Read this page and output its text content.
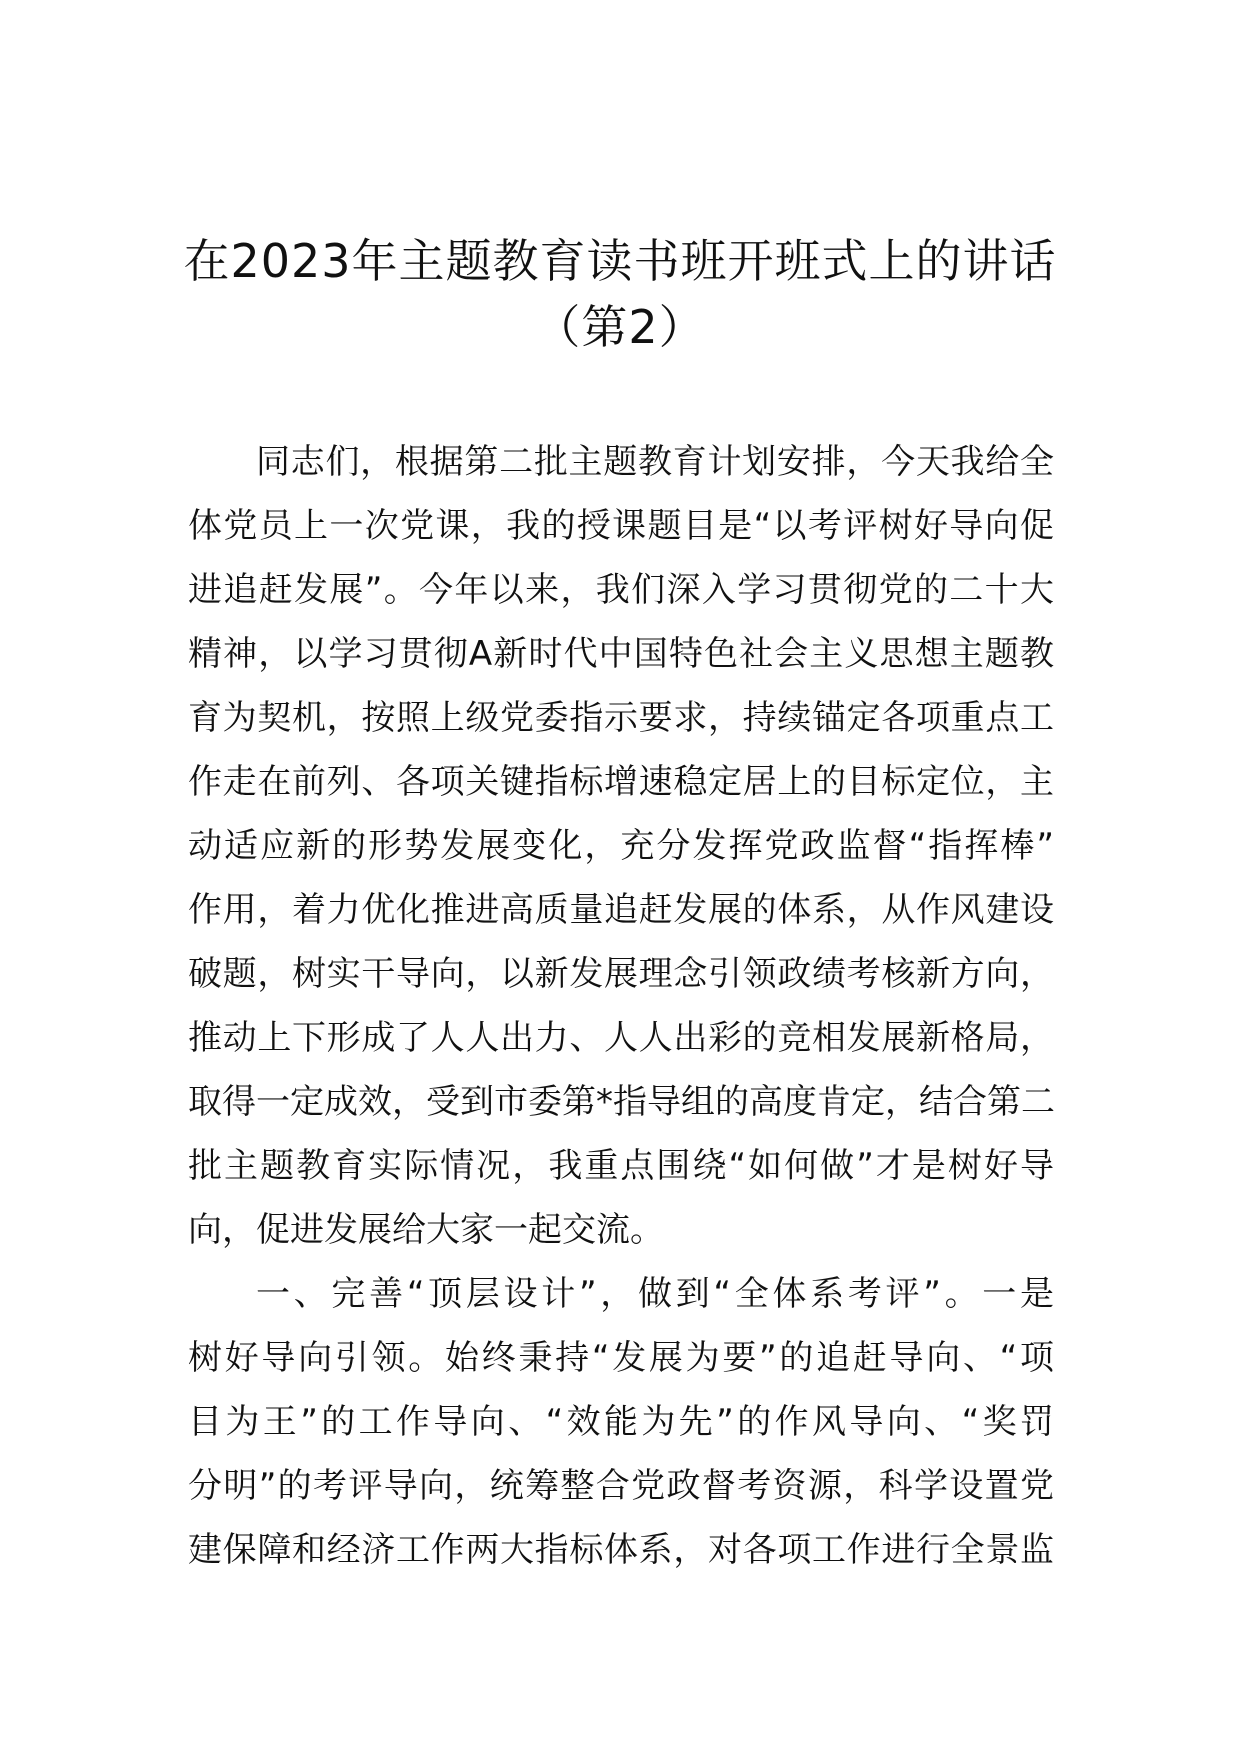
在2023年主题教育读书班开班式上的讲话
（第2）
同志们，根据第二批主题教育计划安排，今天我给全
体党员上一次党课，我的授课题目是“以考评树好导向促
进追赶发展”。今年以来，我们深入学习贯彻党的二十大
精神，以学习贯彻A新时代中国特色社会主义思想主题教
育为契机，按照上级党委指示要求，持续锚定各项重点工
作走在前列、各项关键指标增速稳定居上的目标定位，主
动适应新的形势发展变化，充分发挥党政监督“指挥棒”
作用，着力优化推进高质量追赶发展的体系，从作风建设
破题，树实干导向，以新发展理念引领政绩考核新方向，
推动上下形成了人人出力、人人出彩的竞相发展新格局，
取得一定成效，受到市委第*指导组的高度肯定，结合第二
批主题教育实际情况，我重点围绕“如何做”才是树好导
向，促进发展给大家一起交流。
一、完善“顶层设计”，做到“全体系考评”。一是
树好导向引领。始终秉持“发展为要”的追赶导向、“项
目为王”的工作导向、“效能为先”的作风导向、“奖罚
分明”的考评导向，统筹整合党政督考资源，科学设置党
建保障和经济工作两大指标体系，对各项工作进行全景监
